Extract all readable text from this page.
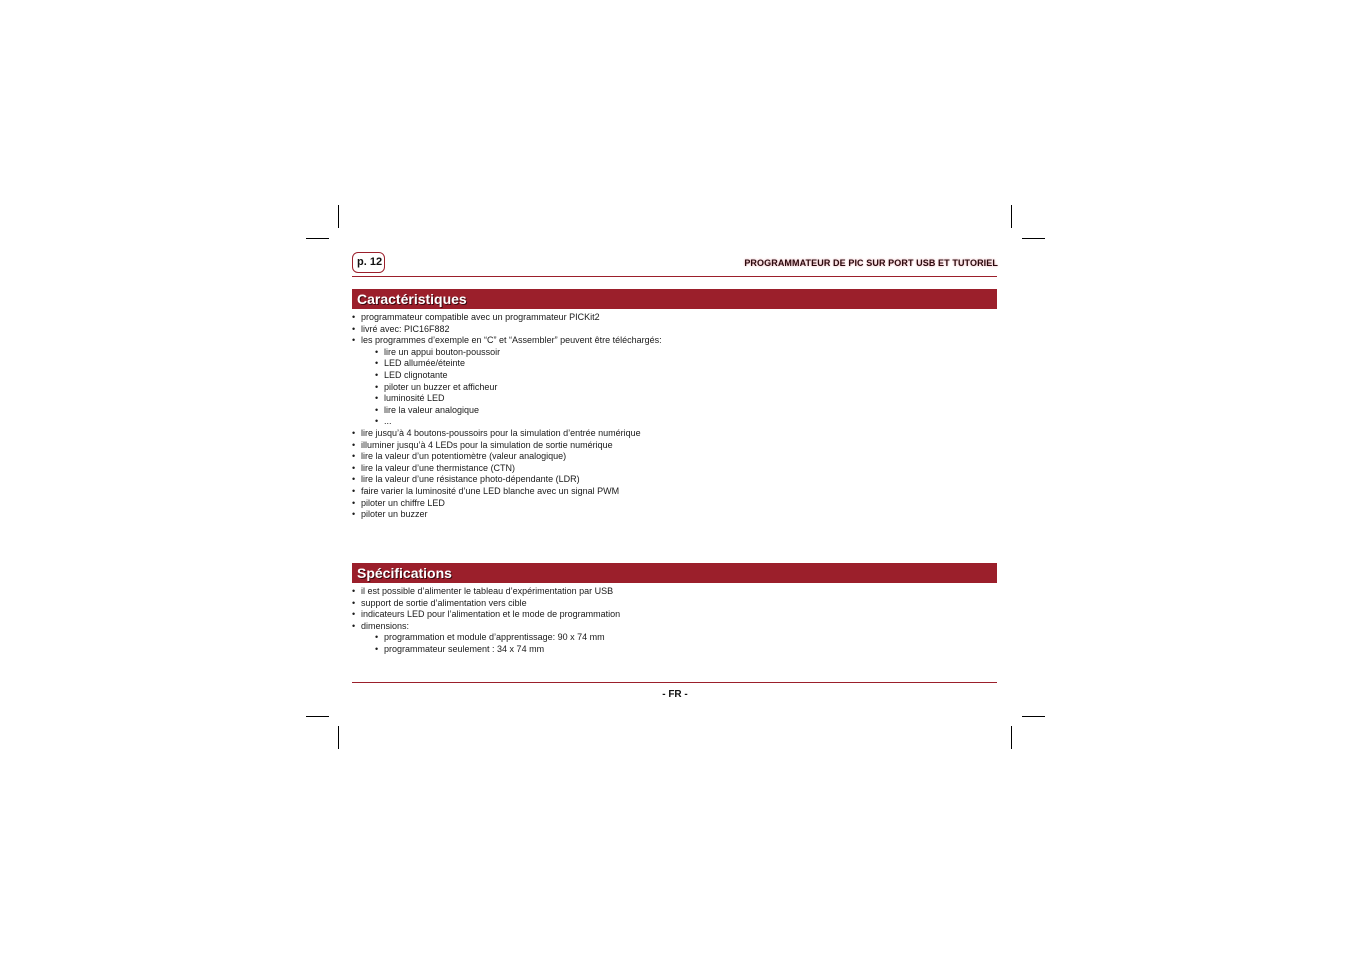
p. 12	PROGRAMMATEUR DE PIC SUR PORT USB ET TUTORIEL
Caractéristiques
• programmateur compatible avec un programmateur PICKit2
• livré avec: PIC16F882
• les programmes d’exemple en “C” et “Assembler” peuvent être téléchargés:
• lire un appui bouton-poussoir
• LED allumée/éteinte
• LED clignotante
• piloter un buzzer et afficheur
• luminosité LED
• lire la valeur analogique
• ...
• lire jusqu’à 4 boutons-poussoirs pour la simulation d’entrée numérique
• illuminer jusqu’à 4 LEDs pour la simulation de sortie numérique
• lire la valeur d’un potentiomètre (valeur analogique)
• lire la valeur d’une thermistance (CTN)
• lire la valeur d’une résistance photo-dépendante (LDR)
• faire varier la luminosité d’une LED blanche avec un signal PWM
• piloter un chiffre LED
• piloter un buzzer
Spécifications
• il est possible d’alimenter le tableau d’expérimentation par USB
• support de sortie d’alimentation vers cible
• indicateurs LED pour l’alimentation et le mode de programmation
• dimensions:
• programmation et module d’apprentissage: 90 x 74 mm
• programmateur seulement : 34 x 74 mm
- FR -
